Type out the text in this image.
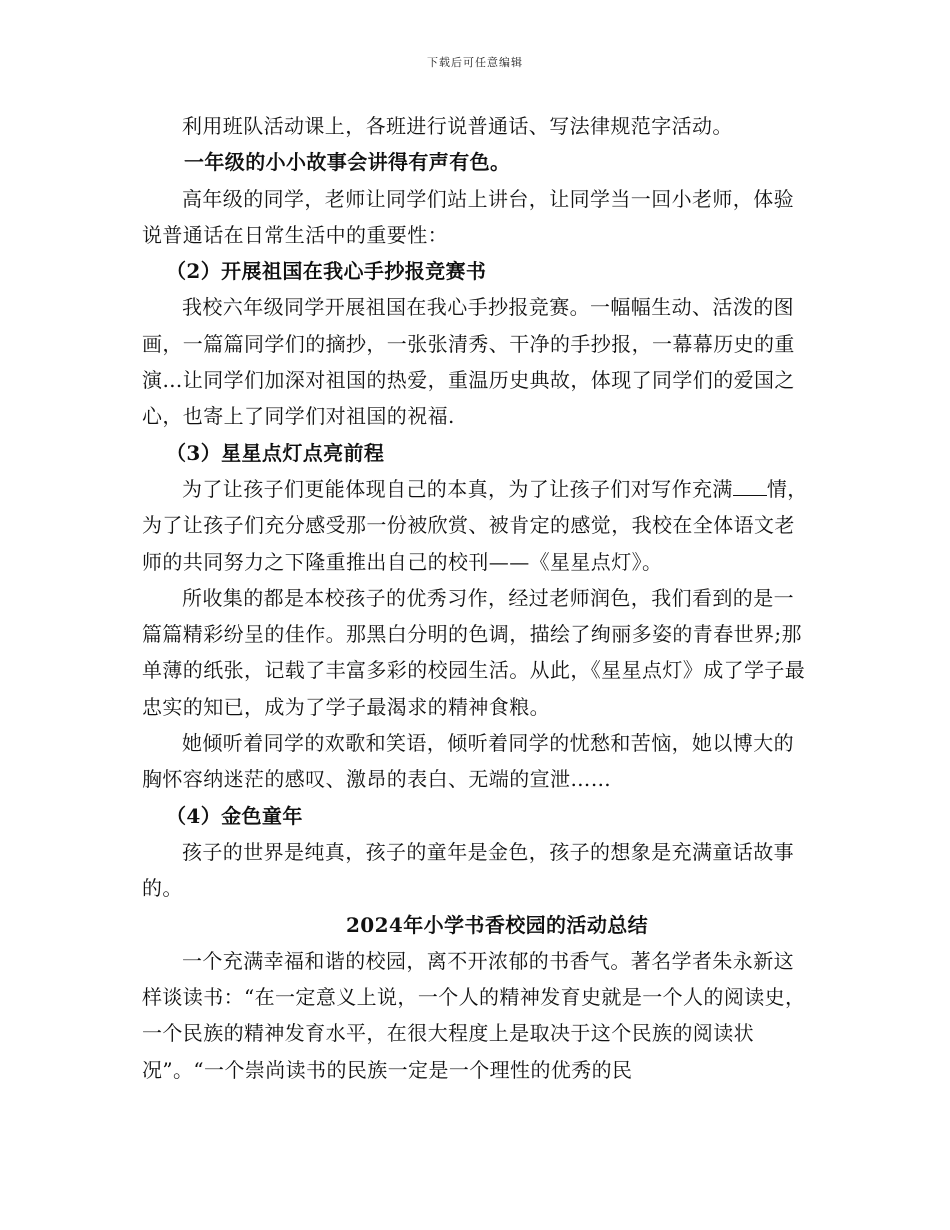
下载后可任意编辑

利用班队活动课上，各班进行说普通话、写法律规范字活动。

一年级的小小故事会讲得有声有色。

高年级的同学，老师让同学们站上讲台，让同学当一回小老师，体验说普通话在日常生活中的重要性：

（2）开展祖国在我心手抄报竞赛书

我校六年级同学开展祖国在我心手抄报竞赛。一幅幅生动、活泼的图画，一篇篇同学们的摘抄，一张张清秀、干净的手抄报，一幕幕历史的重演…让同学们加深对祖国的热爱，重温历史典故，体现了同学们的爱国之心，也寄上了同学们对祖国的祝福.

（3）星星点灯点亮前程

为了让孩子们更能体现自己的本真，为了让孩子们对写作充满 情，为了让孩子们充分感受那一份被欣赏、被肯定的感觉，我校在全体语文老师的共同努力之下隆重推出自己的校刊——《星星点灯》。

所收集的都是本校孩子的优秀习作，经过老师润色，我们看到的是一篇篇精彩纷呈的佳作。那黑白分明的色调，描绘了绚丽多姿的青春世界;那单薄的纸张，记载了丰富多彩的校园生活。从此，《星星点灯》成了学子最忠实的知已，成为了学子最渴求的精神食粮。

她倾听着同学的欢歌和笑语，倾听着同学的忧愁和苦恼，她以博大的胸怀容纳迷茫的感叹、激昂的表白、无端的宣泄……

（4）金色童年

孩子的世界是纯真，孩子的童年是金色，孩子的想象是充满童话故事的。

2024年小学书香校园的活动总结

一个充满幸福和谐的校园，离不开浓郁的书香气。著名学者朱永新这样谈读书：“在一定意义上说，一个人的精神发育史就是一个人的阅读史，一个民族的精神发育水平，在很大程度上是取决于这个民族的阅读状况”。“一个崇尚读书的民族一定是一个理性的优秀的民
